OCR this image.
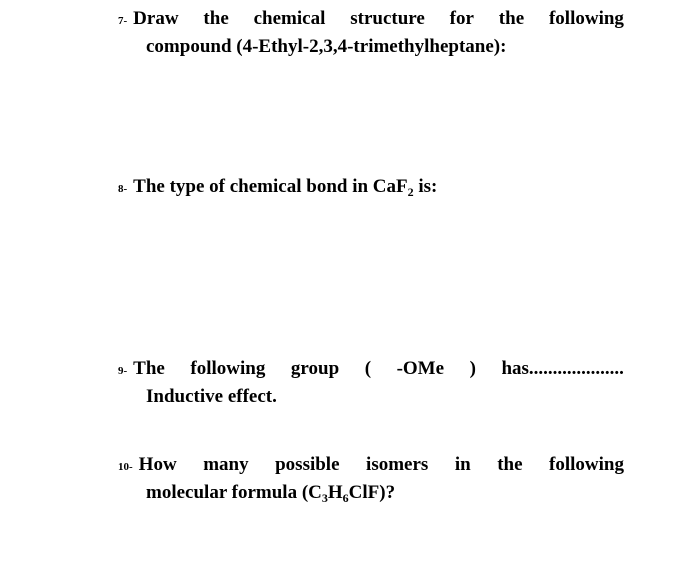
7- Draw the chemical structure for the following
compound (4-Ethyl-2,3,4-trimethylheptane):
8- The type of chemical bond in CaF$_2$ is:
9- The following group ( -OMe ) has....................
Inductive effect.
10- How many possible isomers in the following
molecular formula $(C_3H_6ClF)$?
